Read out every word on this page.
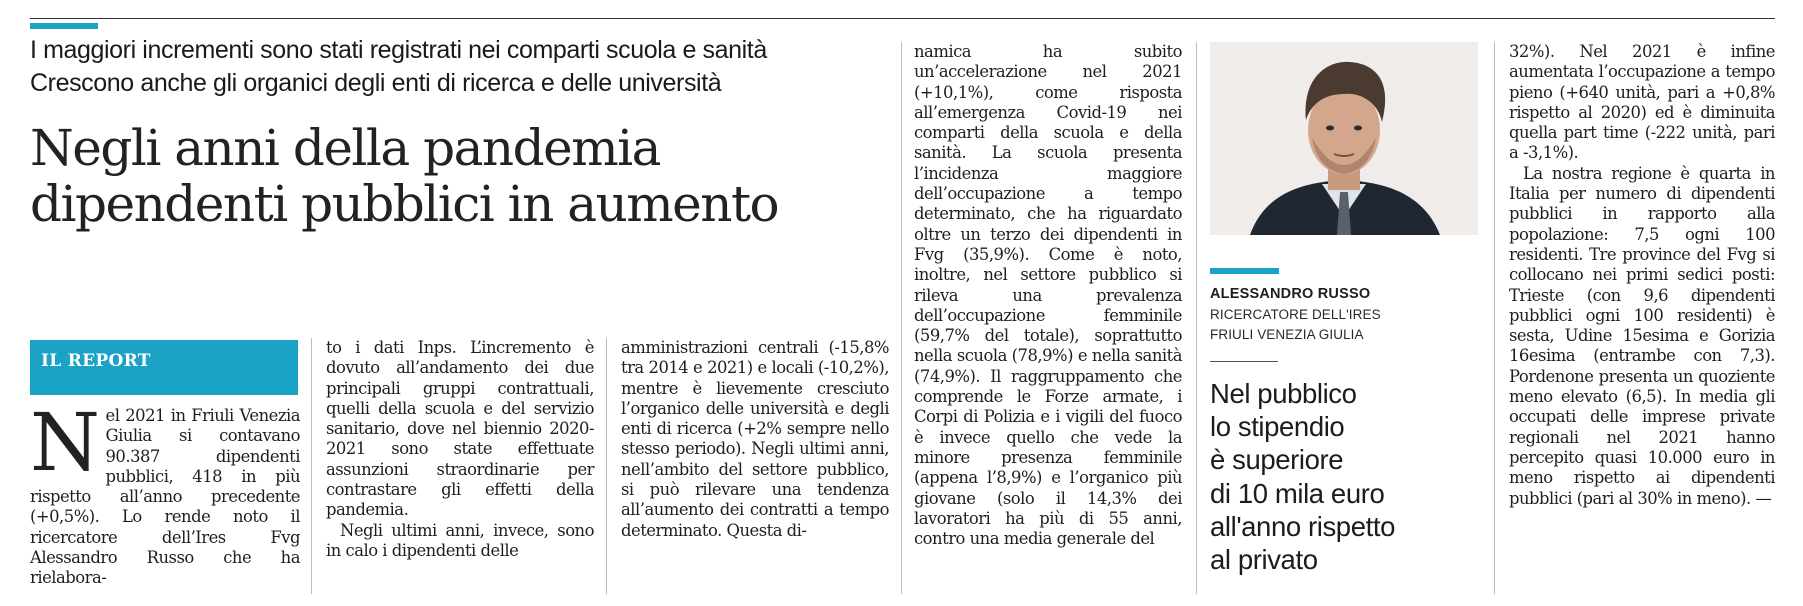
I maggiori incrementi sono stati registrati nei comparti scuola e sanità
Crescono anche gli organici degli enti di ricerca e delle università
Negli anni della pandemia
dipendenti pubblici in aumento
IL REPORT

Nel 2021 in Friuli Venezia Giulia si contavano 90.387 dipendenti pubblici, 418 in più rispetto all’anno precedente (+0,5%). Lo rende noto il ricercatore dell’Ires Fvg Alessandro Russo che ha rielabora-

to i dati Inps. L’incremento è dovuto all’andamento dei due principali gruppi contrattuali, quelli della scuola e del servizio sanitario, dove nel biennio 2020-2021 sono state effettuate assunzioni straordinarie per contrastare gli effetti della pandemia.

Negli ultimi anni, invece, sono in calo i dipendenti delle

amministrazioni centrali (-15,8% tra 2014 e 2021) e locali (-10,2%), mentre è lievemente cresciuto l’organico delle università e degli enti di ricerca (+2% sempre nello stesso periodo). Negli ultimi anni, nell’ambito del settore pubblico, si può rilevare una tendenza all’aumento dei contratti a tempo determinato. Questa di-

namica ha subito un’accelerazione nel 2021 (+10,1%), come risposta all’emergenza Covid-19 nei comparti della scuola e della sanità. La scuola presenta l’incidenza maggiore dell’occupazione a tempo determinato, che ha riguardato oltre un terzo dei dipendenti in Fvg (35,9%). Come è noto, inoltre, nel settore pubblico si rileva una prevalenza dell’occupazione femminile (59,7% del totale), soprattutto nella scuola (78,9%) e nella sanità (74,9%). Il raggruppamento che comprende le Forze armate, i Corpi di Polizia e i vigili del fuoco è invece quello che vede la minore presenza femminile (appena l’8,9%) e l’organico più giovane (solo il 14,3% dei lavoratori ha più di 55 anni, contro una media generale del

ALESSANDRO RUSSO
RICERCATORE DELL'IRES
FRIULI VENEZIA GIULIA
Nel pubblico
lo stipendio
è superiore
di 10 mila euro
all'anno rispetto
al privato

32%). Nel 2021 è infine aumentata l’occupazione a tempo pieno (+640 unità, pari a +0,8% rispetto al 2020) ed è diminuita quella part time (-222 unità, pari a -3,1%).

La nostra regione è quarta in Italia per numero di dipendenti pubblici in rapporto alla popolazione: 7,5 ogni 100 residenti. Tre province del Fvg si collocano nei primi sedici posti: Trieste (con 9,6 dipendenti pubblici ogni 100 residenti) è sesta, Udine 15esima e Gorizia 16esima (entrambe con 7,3). Pordenone presenta un quoziente meno elevato (6,5). In media gli occupati delle imprese private regionali nel 2021 hanno percepito quasi 10.000 euro in meno rispetto ai dipendenti pubblici (pari al 30% in meno). —
